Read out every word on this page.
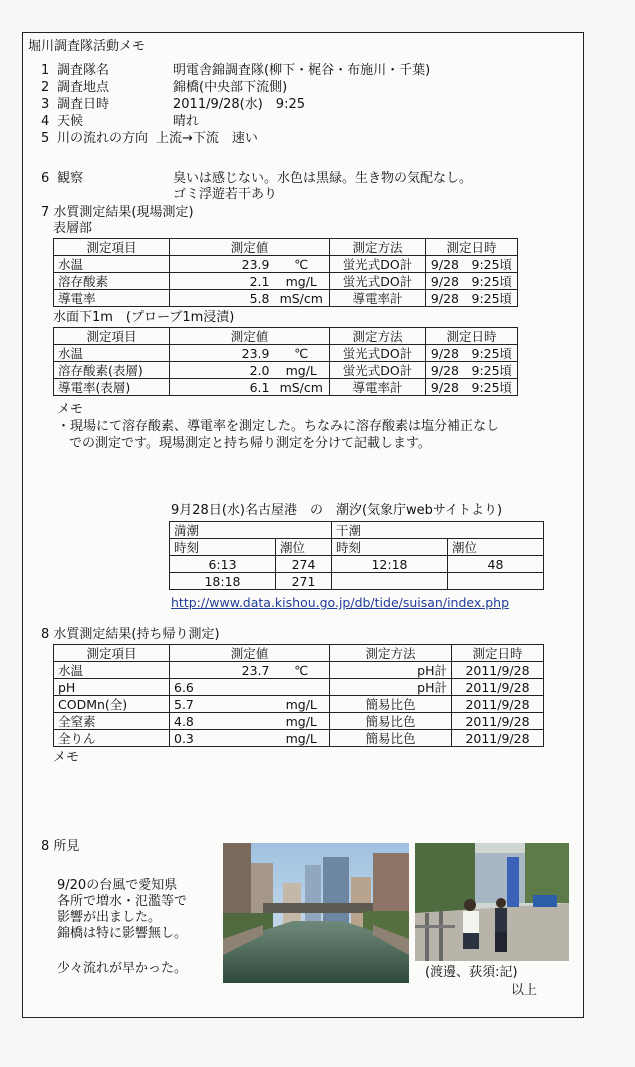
堀川調査隊活動メモ
1 調査隊名	明電舎錦調査隊(柳下・梶谷・布施川・千葉)
2 調査地点	錦橋(中央部下流側)
3 調査日時	2011/9/28(水)　9:25
4 天候	晴れ
5 川の流れの方向 上流→下流　速い
6 観察	臭いは感じない。水色は黒緑。生き物の気配なし。
ゴミ浮遊若干あり
7 水質測定結果(現場測定)
表層部
測定項目	測定値		測定方法	測定日時
水温	23.9	℃	蛍光式DO計	9/28　9:25頃
溶存酸素	2.1	mg/L	蛍光式DO計	9/28　9:25頃
導電率	5.8	mS/cm	導電率計	9/28　9:25頃
水面下1m　(プローブ1m浸漬)
測定項目	測定値		測定方法	測定日時
水温	23.9	℃	蛍光式DO計	9/28　9:25頃
溶存酸素(表層)	2.0	mg/L	蛍光式DO計	9/28　9:25頃
導電率(表層)	6.1	mS/cm	導電率計	9/28　9:25頃
メモ
・現場にて溶存酸素、導電率を測定した。ちなみに溶存酸素は塩分補正なし
での測定です。現場測定と持ち帰り測定を分けて記載します。
9月28日(水)名古屋港　の　潮汐(気象庁webサイトより)
満潮		干潮	
時刻	潮位	時刻	潮位
6:13	274	12:18	48
18:18	271		
http://www.data.kishou.go.jp/db/tide/suisan/index.php
8 水質測定結果(持ち帰り測定)
測定項目	測定値		測定方法	測定日時
水温	23.7	℃	pH計	2011/9/28
pH	6.6		pH計	2011/9/28
CODMn(全)	5.7	mg/L	簡易比色	2011/9/28
全窒素	4.8	mg/L	簡易比色	2011/9/28
全りん	0.3	mg/L	簡易比色	2011/9/28
メモ
8 所見
9/20の台風で愛知県
各所で増水・氾濫等で
影響が出ました。
錦橋は特に影響無し。
少々流れが早かった。	(渡邊、荻須:記)
以上
